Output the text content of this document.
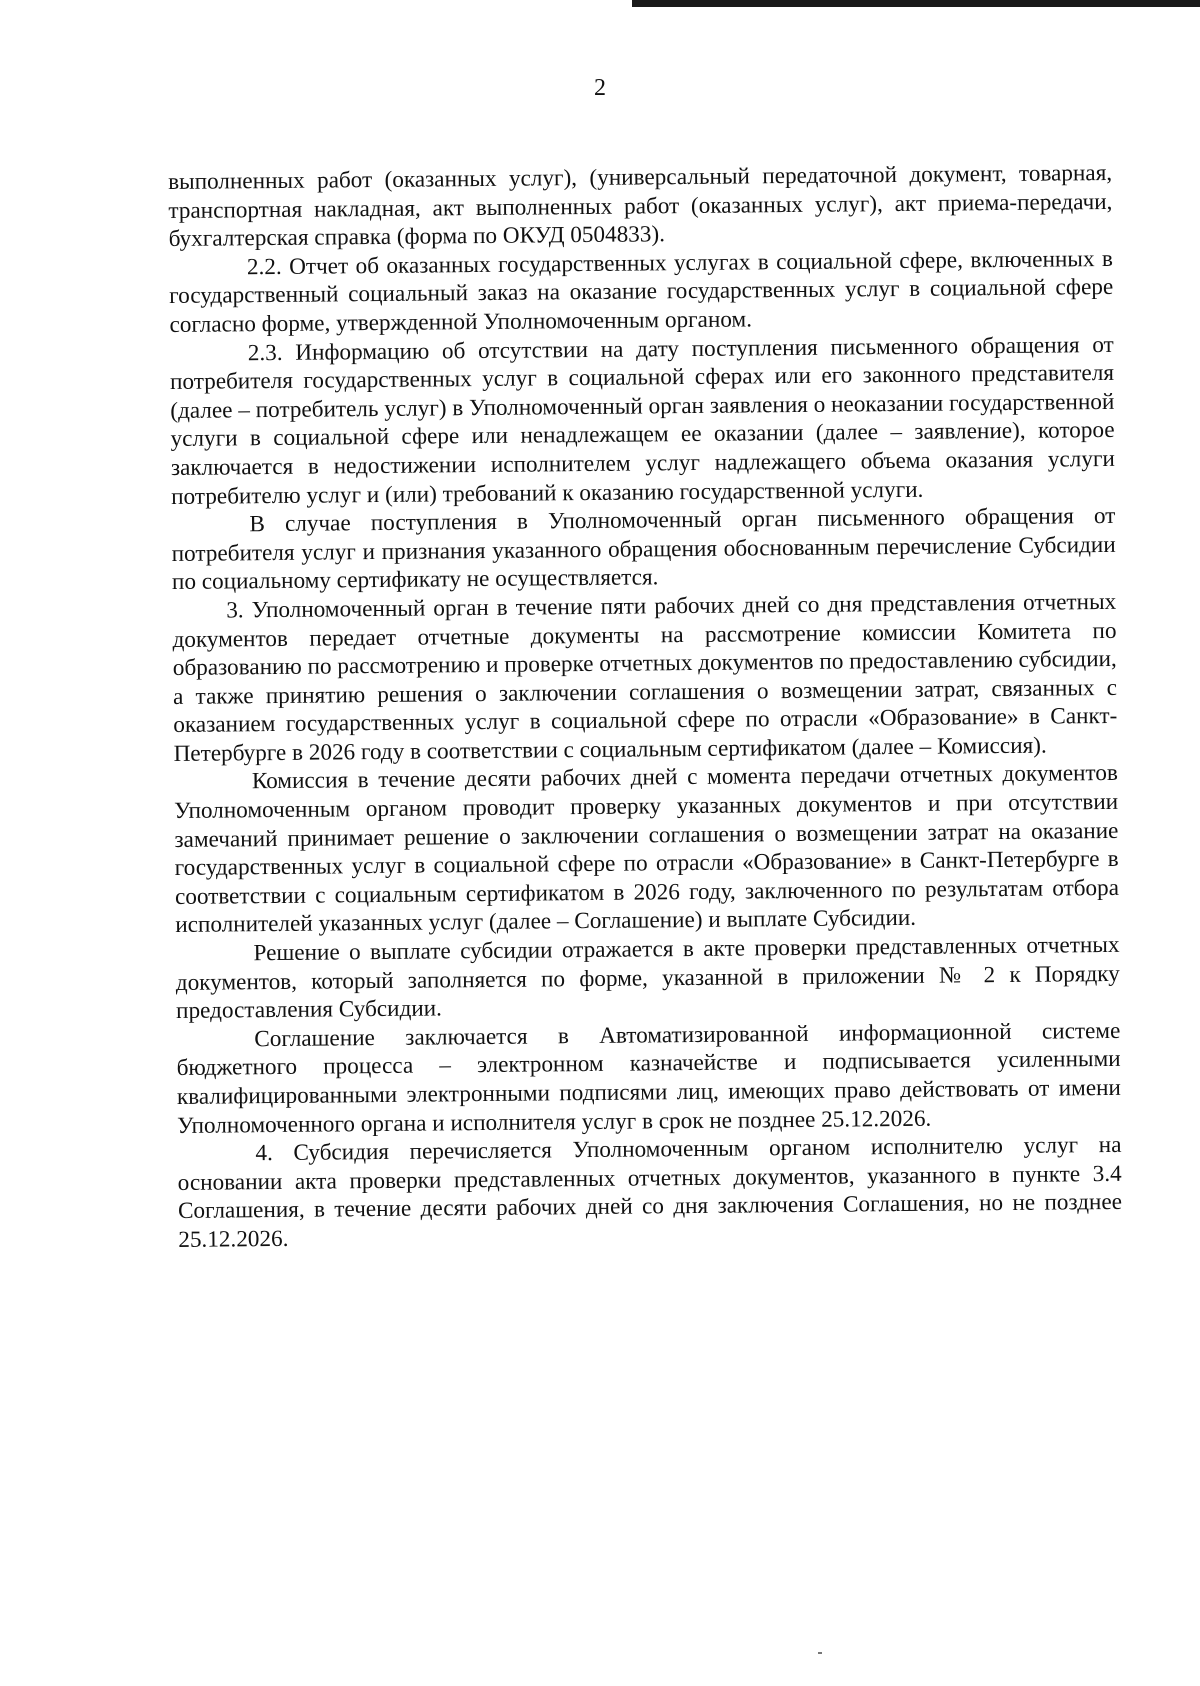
2

выполненных работ (оказанных услуг), (универсальный передаточной документ, товарная, транспортная накладная, акт выполненных работ (оказанных услуг), акт приема-передачи, бухгалтерская справка (форма по ОКУД 0504833).

2.2. Отчет об оказанных государственных услугах в социальной сфере, включенных в государственный социальный заказ на оказание государственных услуг в социальной сфере согласно форме, утвержденной Уполномоченным органом.

2.3. Информацию об отсутствии на дату поступления письменного обращения от потребителя государственных услуг в социальной сферах или его законного представителя (далее – потребитель услуг) в Уполномоченный орган заявления о неоказании государственной услуги в социальной сфере или ненадлежащем ее оказании (далее – заявление), которое заключается в недостижении исполнителем услуг надлежащего объема оказания услуги потребителю услуг и (или) требований к оказанию государственной услуги.

В случае поступления в Уполномоченный орган письменного обращения от потребителя услуг и признания указанного обращения обоснованным перечисление Субсидии по социальному сертификату не осуществляется.

3. Уполномоченный орган в течение пяти рабочих дней со дня представления отчетных документов передает отчетные документы на рассмотрение комиссии Комитета по образованию по рассмотрению и проверке отчетных документов по предоставлению субсидии, а также принятию решения о заключении соглашения о возмещении затрат, связанных с оказанием государственных услуг в социальной сфере по отрасли «Образование» в Санкт-Петербурге в 2026 году в соответствии с социальным сертификатом (далее – Комиссия).

Комиссия в течение десяти рабочих дней с момента передачи отчетных документов Уполномоченным органом проводит проверку указанных документов и при отсутствии замечаний принимает решение о заключении соглашения о возмещении затрат на оказание государственных услуг в социальной сфере по отрасли «Образование» в Санкт-Петербурге в соответствии с социальным сертификатом в 2026 году, заключенного по результатам отбора исполнителей указанных услуг (далее – Соглашение) и выплате Субсидии.

Решение о выплате субсидии отражается в акте проверки представленных отчетных документов, который заполняется по форме, указанной в приложении № 2 к Порядку предоставления Субсидии.

Соглашение заключается в Автоматизированной информационной системе бюджетного процесса – электронном казначействе и подписывается усиленными квалифицированными электронными подписями лиц, имеющих право действовать от имени Уполномоченного органа и исполнителя услуг в срок не позднее 25.12.2026.

4. Субсидия перечисляется Уполномоченным органом исполнителю услуг на основании акта проверки представленных отчетных документов, указанного в пункте 3.4 Соглашения, в течение десяти рабочих дней со дня заключения Соглашения, но не позднее 25.12.2026.
